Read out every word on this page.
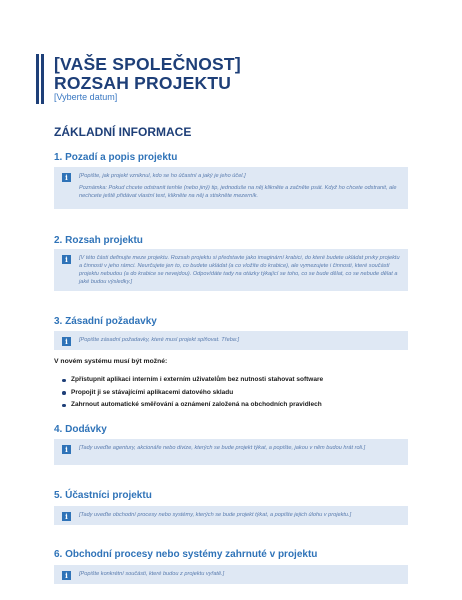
[VAŠE SPOLEČNOST]
ROZSAH PROJEKTU
[Vyberte datum]
ZÁKLADNÍ INFORMACE
1. Pozadí a popis projektu
i	[Popište, jak projekt vzniknul, kdo se ho účastní a jaký je jeho účel.]

Poznámka: Pokud chcete odstranit tenhle (nebo jiný) tip, jednoduše na něj klikněte a začněte psát. Když ho chcete odstranit, ale nechcete ještě přidávat vlastní text, klikněte na něj a stiskněte mezerník.

2. Rozsah projektu
i	[V této části definujte meze projektu. Rozsah projektu si představte jako imaginární krabici, do které budete ukládat prvky projektu a činnosti v jeho rámci. Neurčujete jen to, co budete ukládat (a co vložíte do krabice), ale vymezujete i činnosti, které součástí projektu nebudou (a do krabice se nevejdou). Odpovídáte tady na otázky týkající se toho, co se bude dělat, co se nebude dělat a jaké budou výsledky.]

3. Zásadní požadavky
i	[Popište zásadní požadavky, které musí projekt splňovat. Třeba:]

V novém systému musí být možné:
Zpřístupnit aplikaci interním i externím uživatelům bez nutnosti stahovat software
Propojit ji se stávajícími aplikacemi datového skladu
Zahrnout automatické směřování a oznámení založená na obchodních pravidlech
4. Dodávky
i	[Tady uveďte agentury, akcionáře nebo divize, kterých se bude projekt týkat, a popište, jakou v něm budou hrát roli.]

5. Účastníci projektu
i	[Tady uveďte obchodní procesy nebo systémy, kterých se bude projekt týkat, a popište jejich úlohu v projektu.]

6. Obchodní procesy nebo systémy zahrnuté v projektu
i	[Popište konkrétní součásti, které budou z projektu vyřatě.]
